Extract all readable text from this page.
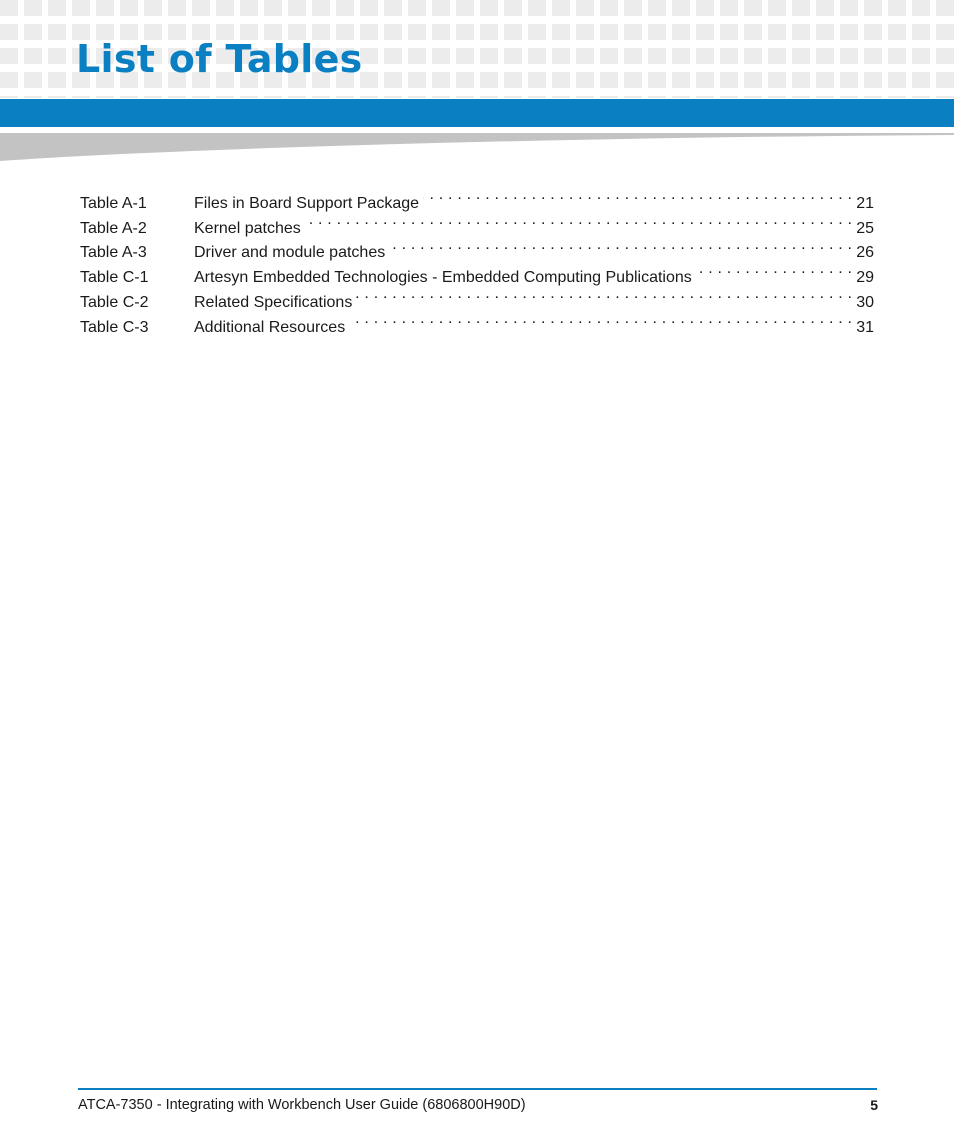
List of Tables
Table A-1	Files in Board Support Package . . .	21
Table A-2	Kernel patches . . .	25
Table A-3	Driver and module patches . . .	26
Table C-1	Artesyn Embedded Technologies - Embedded Computing Publications . . .	29
Table C-2	Related Specifications . . .	30
Table C-3	Additional Resources . . .	31
ATCA-7350 - Integrating with Workbench User Guide (6806800H90D)	5
